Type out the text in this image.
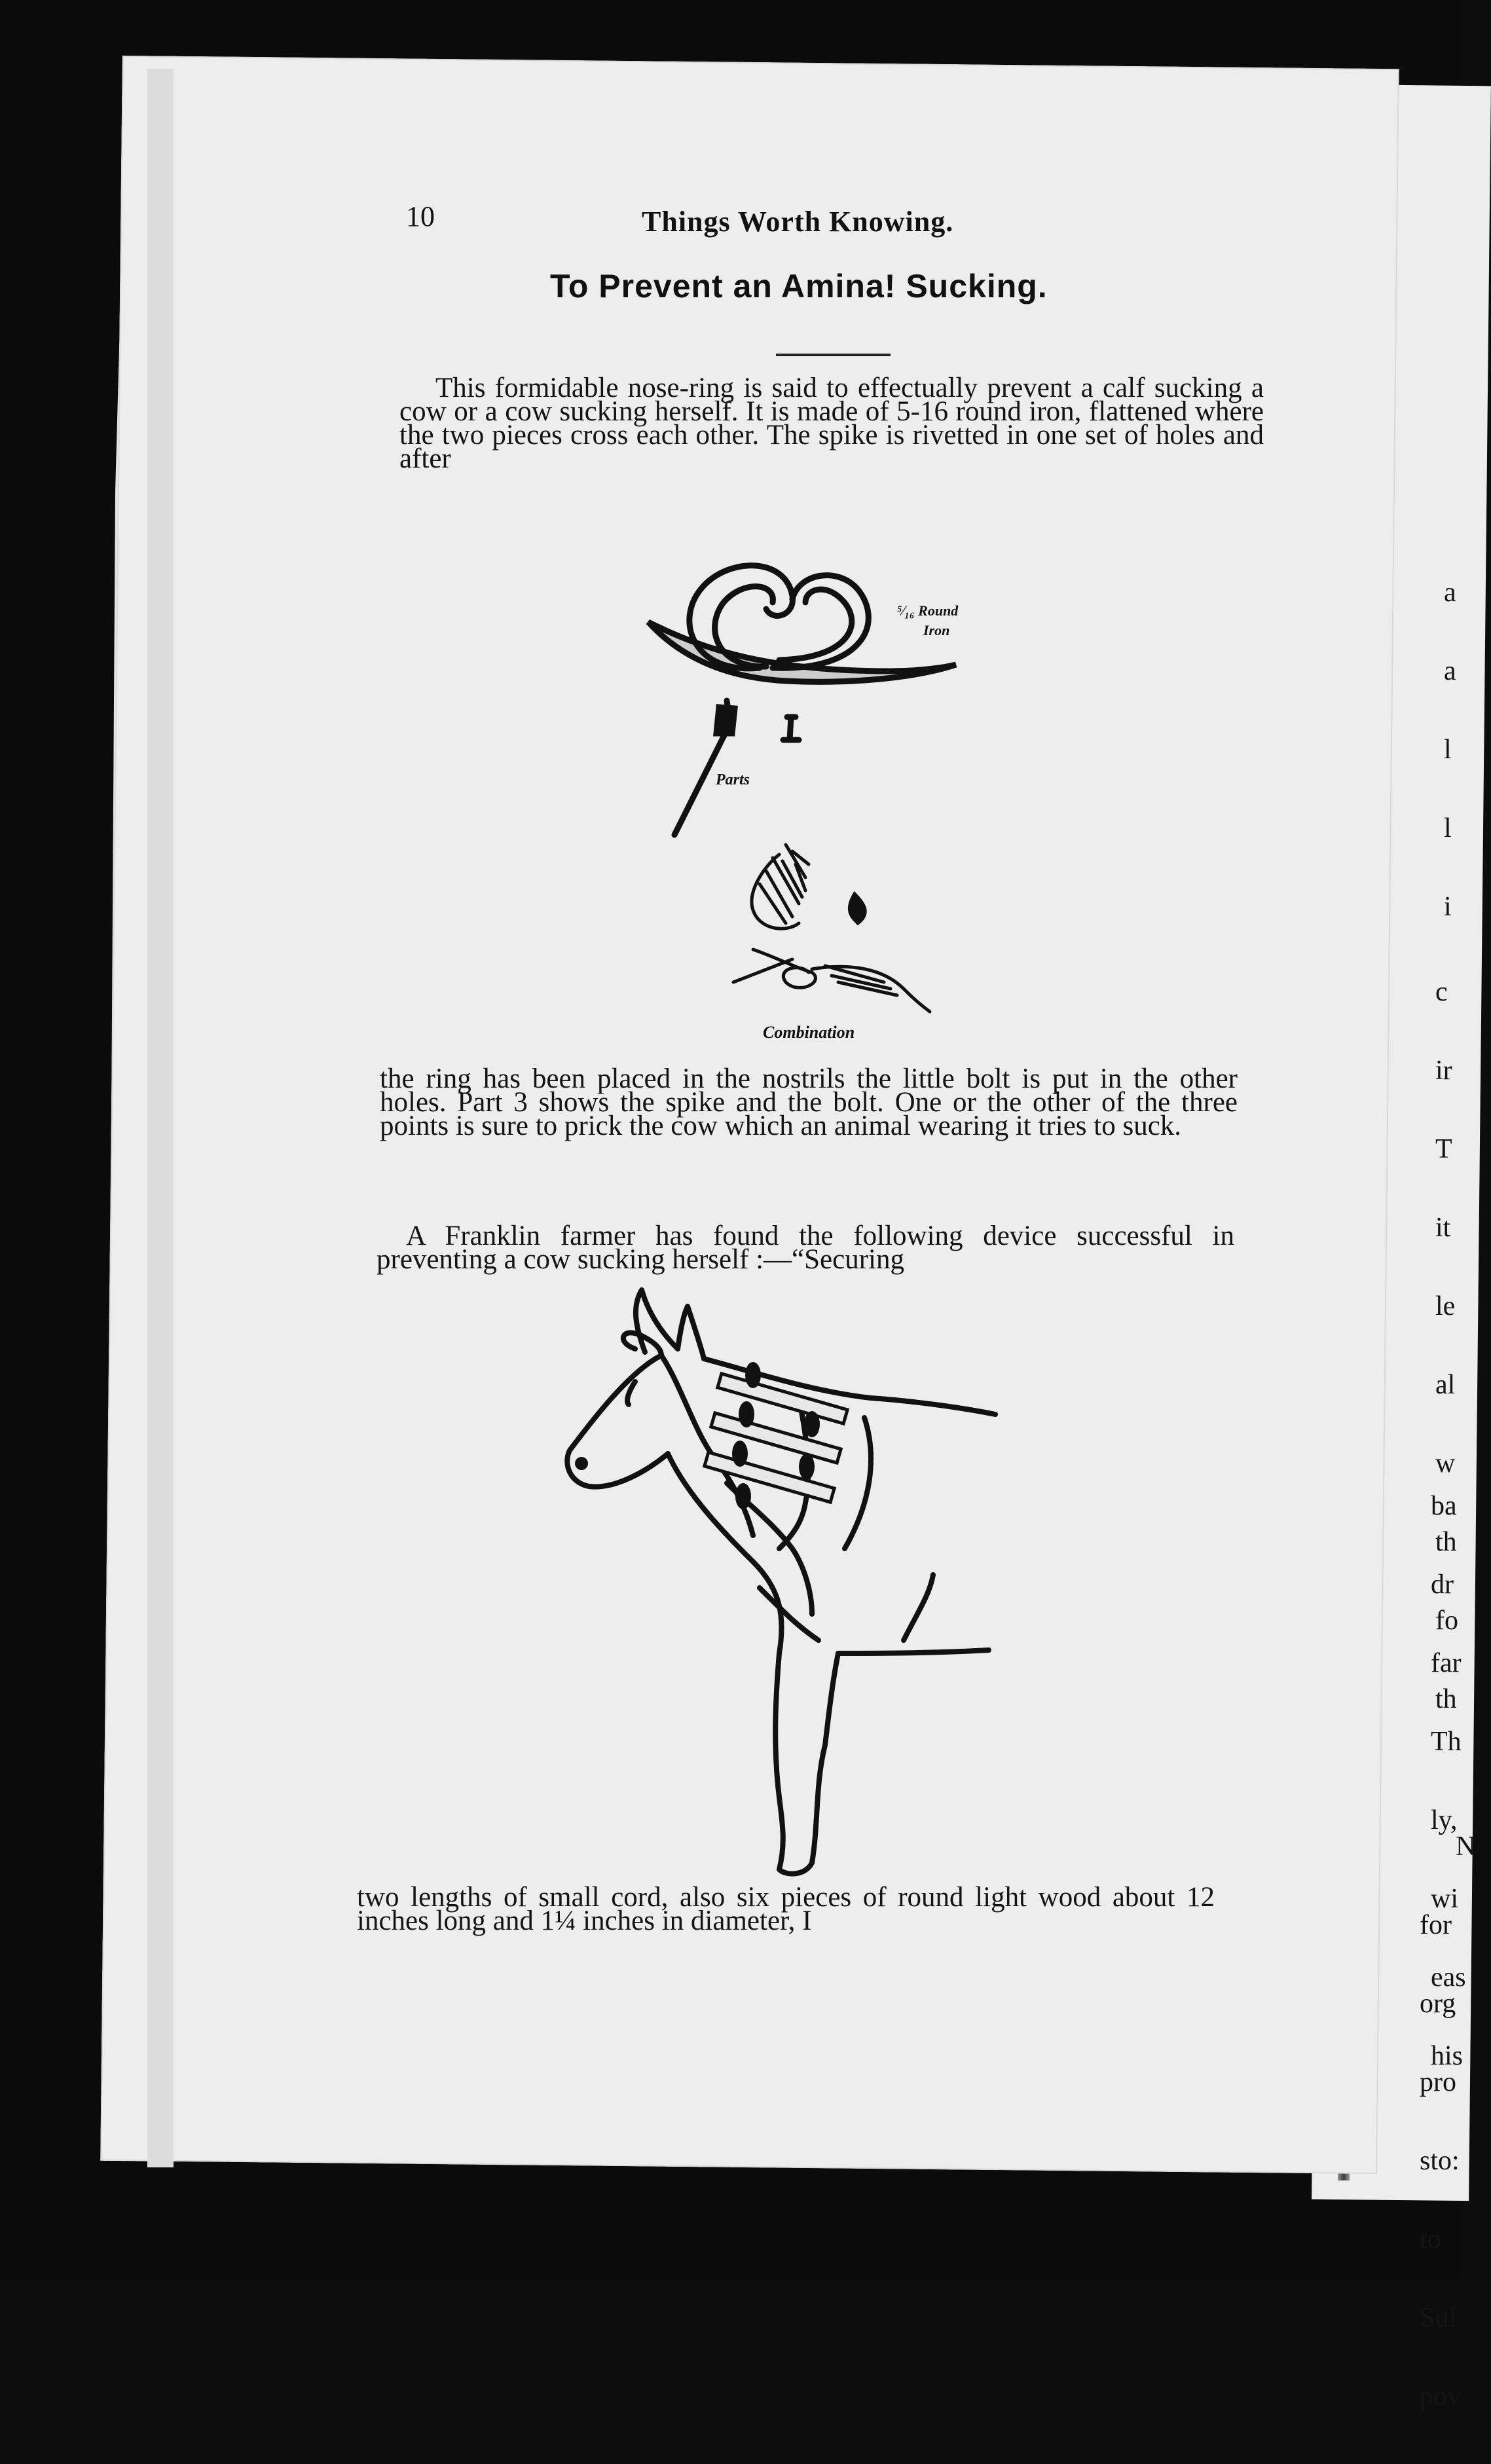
10	Things Worth Knowing.
To Prevent an Amina! Sucking.

This formidable nose-ring is said to effectually prevent a calf sucking a cow or a cow sucking herself. It is made of 5-16 round iron, flattened where the two pieces cross each other. The spike is rivetted in one set of holes and after

⁵⁄₁₆ Round
Iron
Parts
Combination

the ring has been placed in the nostrils the little bolt is put in the other holes. Part 3 shows the spike and the bolt. One or the other of the three points is sure to prick the cow which an animal wearing it tries to suck.

A Franklin farmer has found the following device successful in preventing a cow sucking herself :—“Securing

two lengths of small cord, also six pieces of round light wood about 12 inches long and 1¼ inches in diameter, I

a

a

l

l

i

c

ir

T

it

le

al

w

th

fo

th

ba

dr

far

Th

ly,

wi

eas

his

N

for

org

pro

sto:

to

Sul

pov
